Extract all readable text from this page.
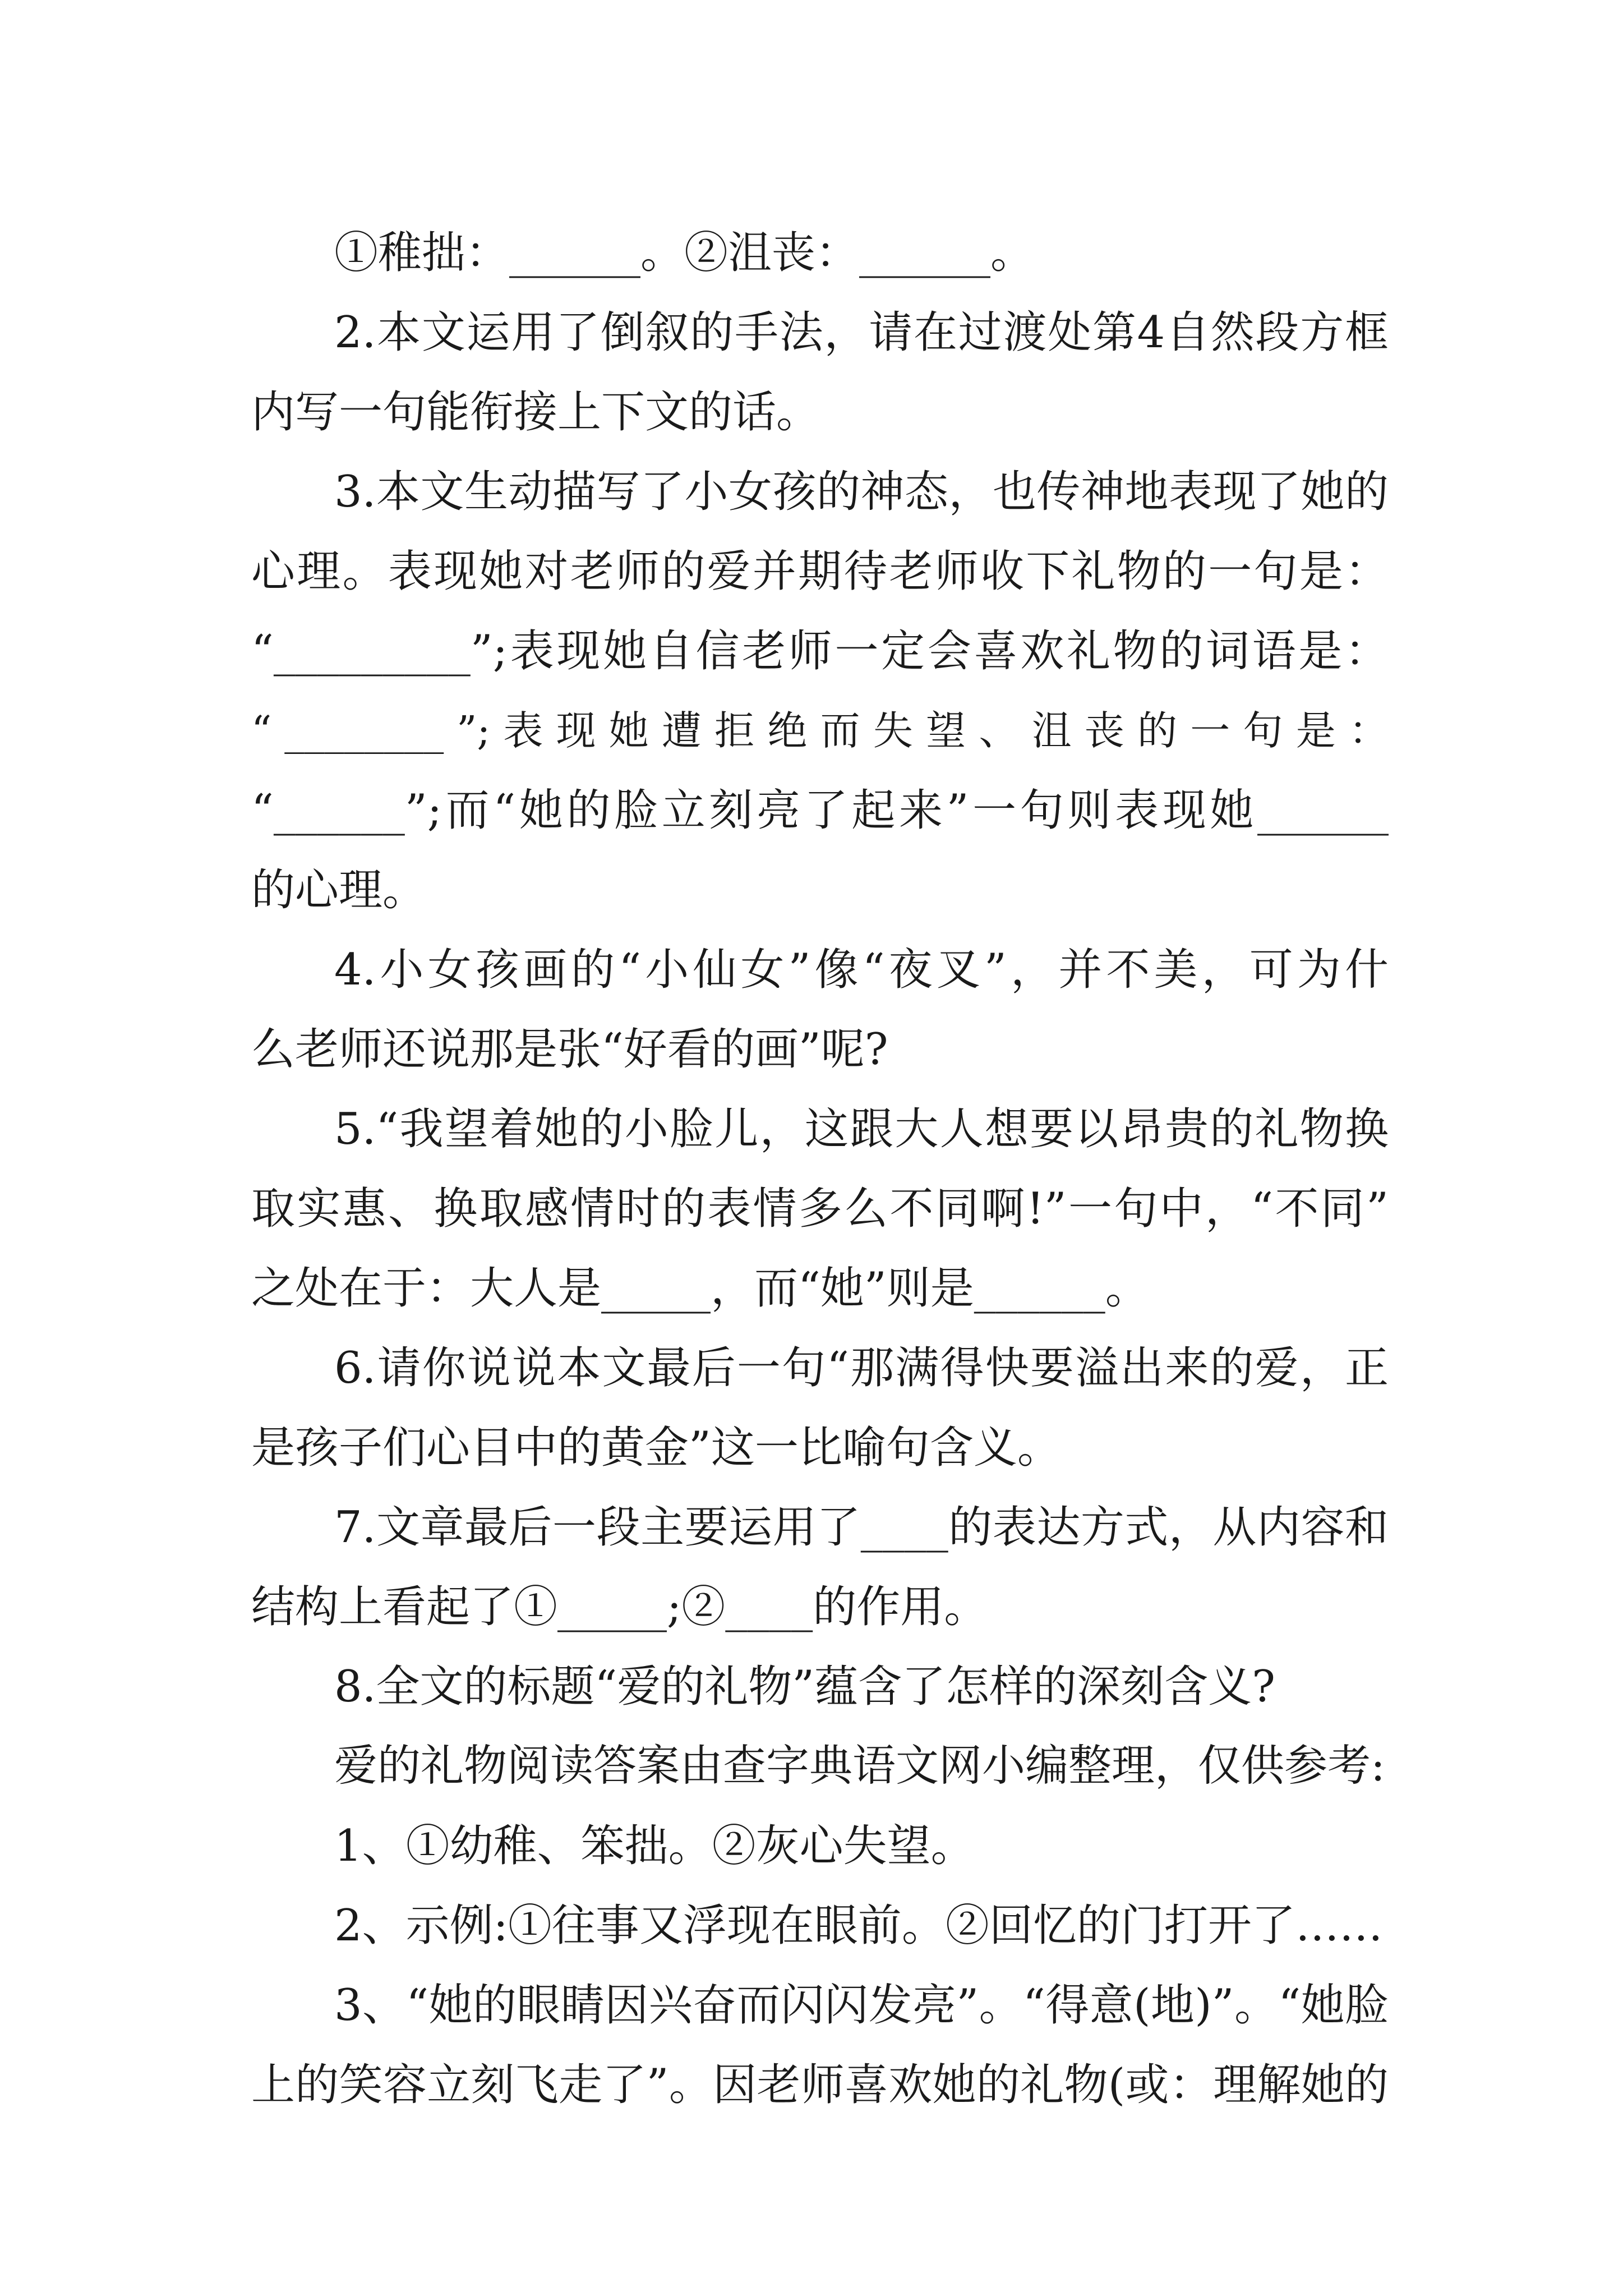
①稚拙：______。②沮丧：______。
2.本文运用了倒叙的手法，请在过渡处第4自然段方框
内写一句能衔接上下文的话。
3.本文生动描写了小女孩的神态，也传神地表现了她的
心理。表现她对老师的爱并期待老师收下礼物的一句是：
“_________”;表现她自信老师一定会喜欢礼物的词语是：
“ ________ ”; 表 现 她 遭 拒 绝 而 失 望 、 沮 丧 的 一 句 是 ：
“______”;而“她的脸立刻亮了起来”一句则表现她______
的心理。
4.小女孩画的“小仙女”像“夜叉”，并不美，可为什
么老师还说那是张“好看的画”呢?
5.“我望着她的小脸儿，这跟大人想要以昂贵的礼物换
取实惠、换取感情时的表情多么不同啊!”一句中，“不同”
之处在于：大人是_____，而“她”则是______。
6.请你说说本文最后一句“那满得快要溢出来的爱，正
是孩子们心目中的黄金”这一比喻句含义。
7.文章最后一段主要运用了____的表达方式，从内容和
结构上看起了①_____;②____的作用。
8.全文的标题“爱的礼物”蕴含了怎样的深刻含义?
爱的礼物阅读答案由查字典语文网小编整理，仅供参考:
1、①幼稚、笨拙。②灰心失望。
2、示例:①往事又浮现在眼前。②回忆的门打开了……
3、“她的眼睛因兴奋而闪闪发亮”。“得意(地)”。“她脸
上的笑容立刻飞走了”。因老师喜欢她的礼物(或：理解她的
